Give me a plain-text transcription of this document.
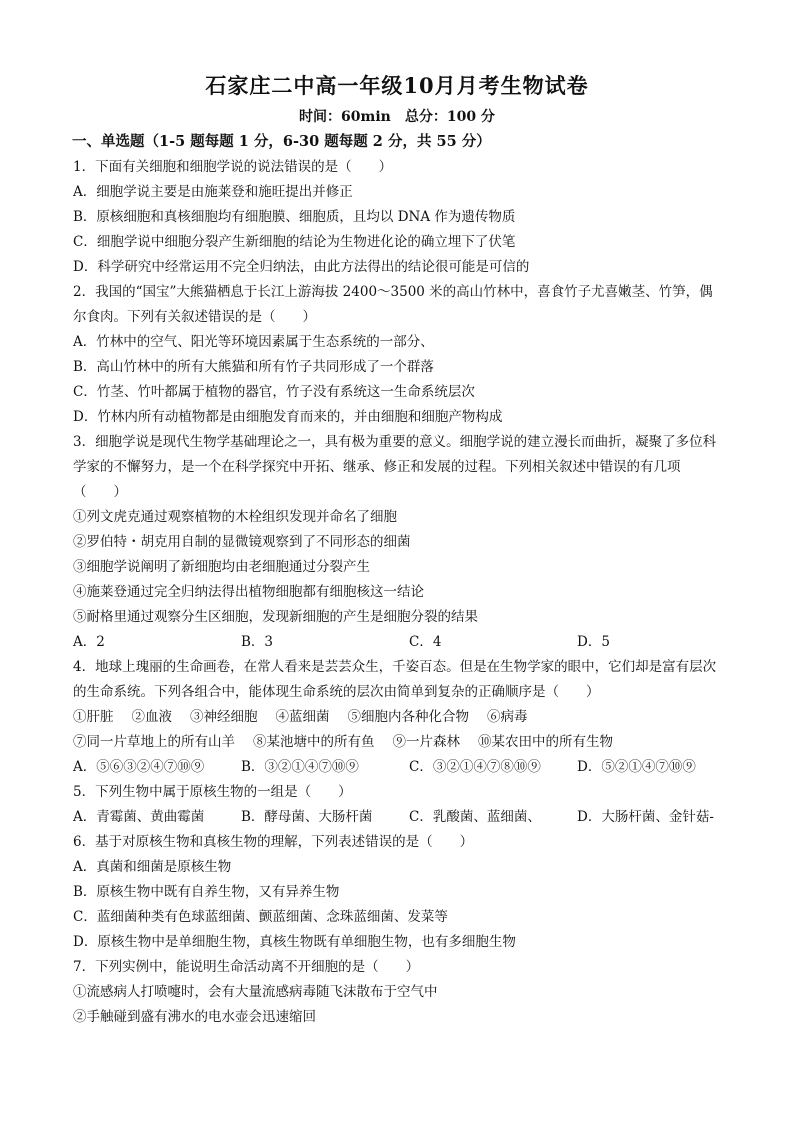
石家庄二中高一年级10月月考生物试卷
时间：60min　总分：100 分
一、单选题（1-5 题每题 1 分，6-30 题每题 2 分，共 55 分）
1．下面有关细胞和细胞学说的说法错误的是（　　）
A．细胞学说主要是由施莱登和施旺提出并修正
B．原核细胞和真核细胞均有细胞膜、细胞质，且均以 DNA 作为遗传物质
C．细胞学说中细胞分裂产生新细胞的结论为生物进化论的确立埋下了伏笔
D．科学研究中经常运用不完全归纳法，由此方法得出的结论很可能是可信的
2．我国的“国宝”大熊猫栖息于长江上游海拔 2400～3500 米的高山竹林中，喜食竹子尤喜嫩茎、竹笋，偶尔食肉。下列有关叙述错误的是（　　）
A．竹林中的空气、阳光等环境因素属于生态系统的一部分、
B．高山竹林中的所有大熊猫和所有竹子共同形成了一个群落
C．竹茎、竹叶都属于植物的器官，竹子没有系统这一生命系统层次
D．竹林内所有动植物都是由细胞发育而来的，并由细胞和细胞产物构成
3．细胞学说是现代生物学基础理论之一，具有极为重要的意义。细胞学说的建立漫长而曲折，凝聚了多位科学家的不懈努力，是一个在科学探究中开拓、继承、修正和发展的过程。下列相关叙述中错误的有几项（　　）
①列文虎克通过观察植物的木栓组织发现并命名了细胞
②罗伯特・胡克用自制的显微镜观察到了不同形态的细菌
③细胞学说阐明了新细胞均由老细胞通过分裂产生
④施莱登通过完全归纳法得出植物细胞都有细胞核这一结论
⑤耐格里通过观察分生区细胞，发现新细胞的产生是细胞分裂的结果
A．2	B．3	C．4	D．5
4．地球上瑰丽的生命画卷，在常人看来是芸芸众生，千姿百态。但是在生物学家的眼中，它们却是富有层次的生命系统。下列各组合中，能体现生命系统的层次由简单到复杂的正确顺序是（　　）
①肝脏 ②血液 ③神经细胞 ④蓝细菌 ⑤细胞内各种化合物 ⑥病毒
⑦同一片草地上的所有山羊 ⑧某池塘中的所有鱼 ⑨一片森林 ⑩某农田中的所有生物
A．⑤⑥③②④⑦⑩⑨	B．③②①④⑦⑩⑨	C．③②①④⑦⑧⑩⑨	D．⑤②①④⑦⑩⑨
5．下列生物中属于原核生物的一组是（　　）
A．青霉菌、黄曲霉菌	B．酵母菌、大肠杆菌	C．乳酸菌、蓝细菌、	D．大肠杆菌、金针菇-
6．基于对原核生物和真核生物的理解，下列表述错误的是（　　）
A．真菌和细菌是原核生物
B．原核生物中既有自养生物，又有异养生物
C．蓝细菌种类有色球蓝细菌、颤蓝细菌、念珠蓝细菌、发菜等
D．原核生物中是单细胞生物，真核生物既有单细胞生物，也有多细胞生物
7．下列实例中，能说明生命活动离不开细胞的是（　　）
①流感病人打喷嚏时，会有大量流感病毒随飞沫散布于空气中
②手触碰到盛有沸水的电水壶会迅速缩回
